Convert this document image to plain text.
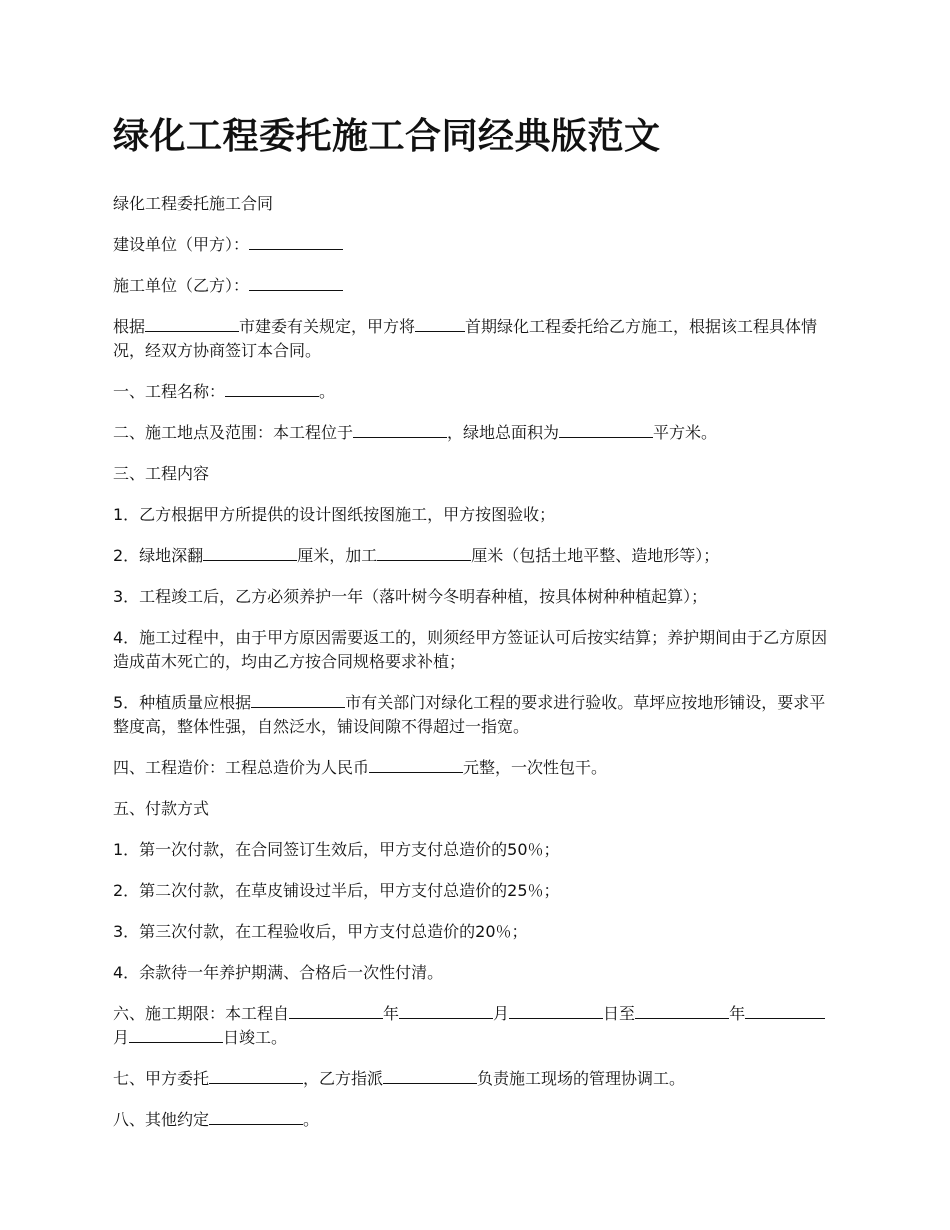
绿化工程委托施工合同经典版范文

绿化工程委托施工合同

建设单位（甲方）：

施工单位（乙方）：

根据	市建委有关规定，甲方将	首期绿化工程委托给乙方施工，根据该工程具体情况，经双方协商签订本合同。

一、工程名称：	。

二、施工地点及范围：本工程位于	，绿地总面积为	平方米。

三、工程内容

1．乙方根据甲方所提供的设计图纸按图施工，甲方按图验收；

2．绿地深翻	厘米，加工	厘米（包括土地平整、造地形等）；

3．工程竣工后，乙方必须养护一年（落叶树今冬明春种植，按具体树种种植起算）；

4．施工过程中，由于甲方原因需要返工的，则须经甲方签证认可后按实结算；养护期间由于乙方原因造成苗木死亡的，均由乙方按合同规格要求补植；

5．种植质量应根据	市有关部门对绿化工程的要求进行验收。草坪应按地形铺设，要求平整度高，整体性强，自然泛水，铺设间隙不得超过一指宽。

四、工程造价：工程总造价为人民币	元整，一次性包干。

五、付款方式

1．第一次付款，在合同签订生效后，甲方支付总造价的50％；

2．第二次付款，在草皮铺设过半后，甲方支付总造价的25％；

3．第三次付款，在工程验收后，甲方支付总造价的20％；

4．余款待一年养护期满、合格后一次性付清。

六、施工期限：本工程自	年	月	日至	年月	日竣工。

七、甲方委托	，乙方指派	负责施工现场的管理协调工。

八、其他约定	。
